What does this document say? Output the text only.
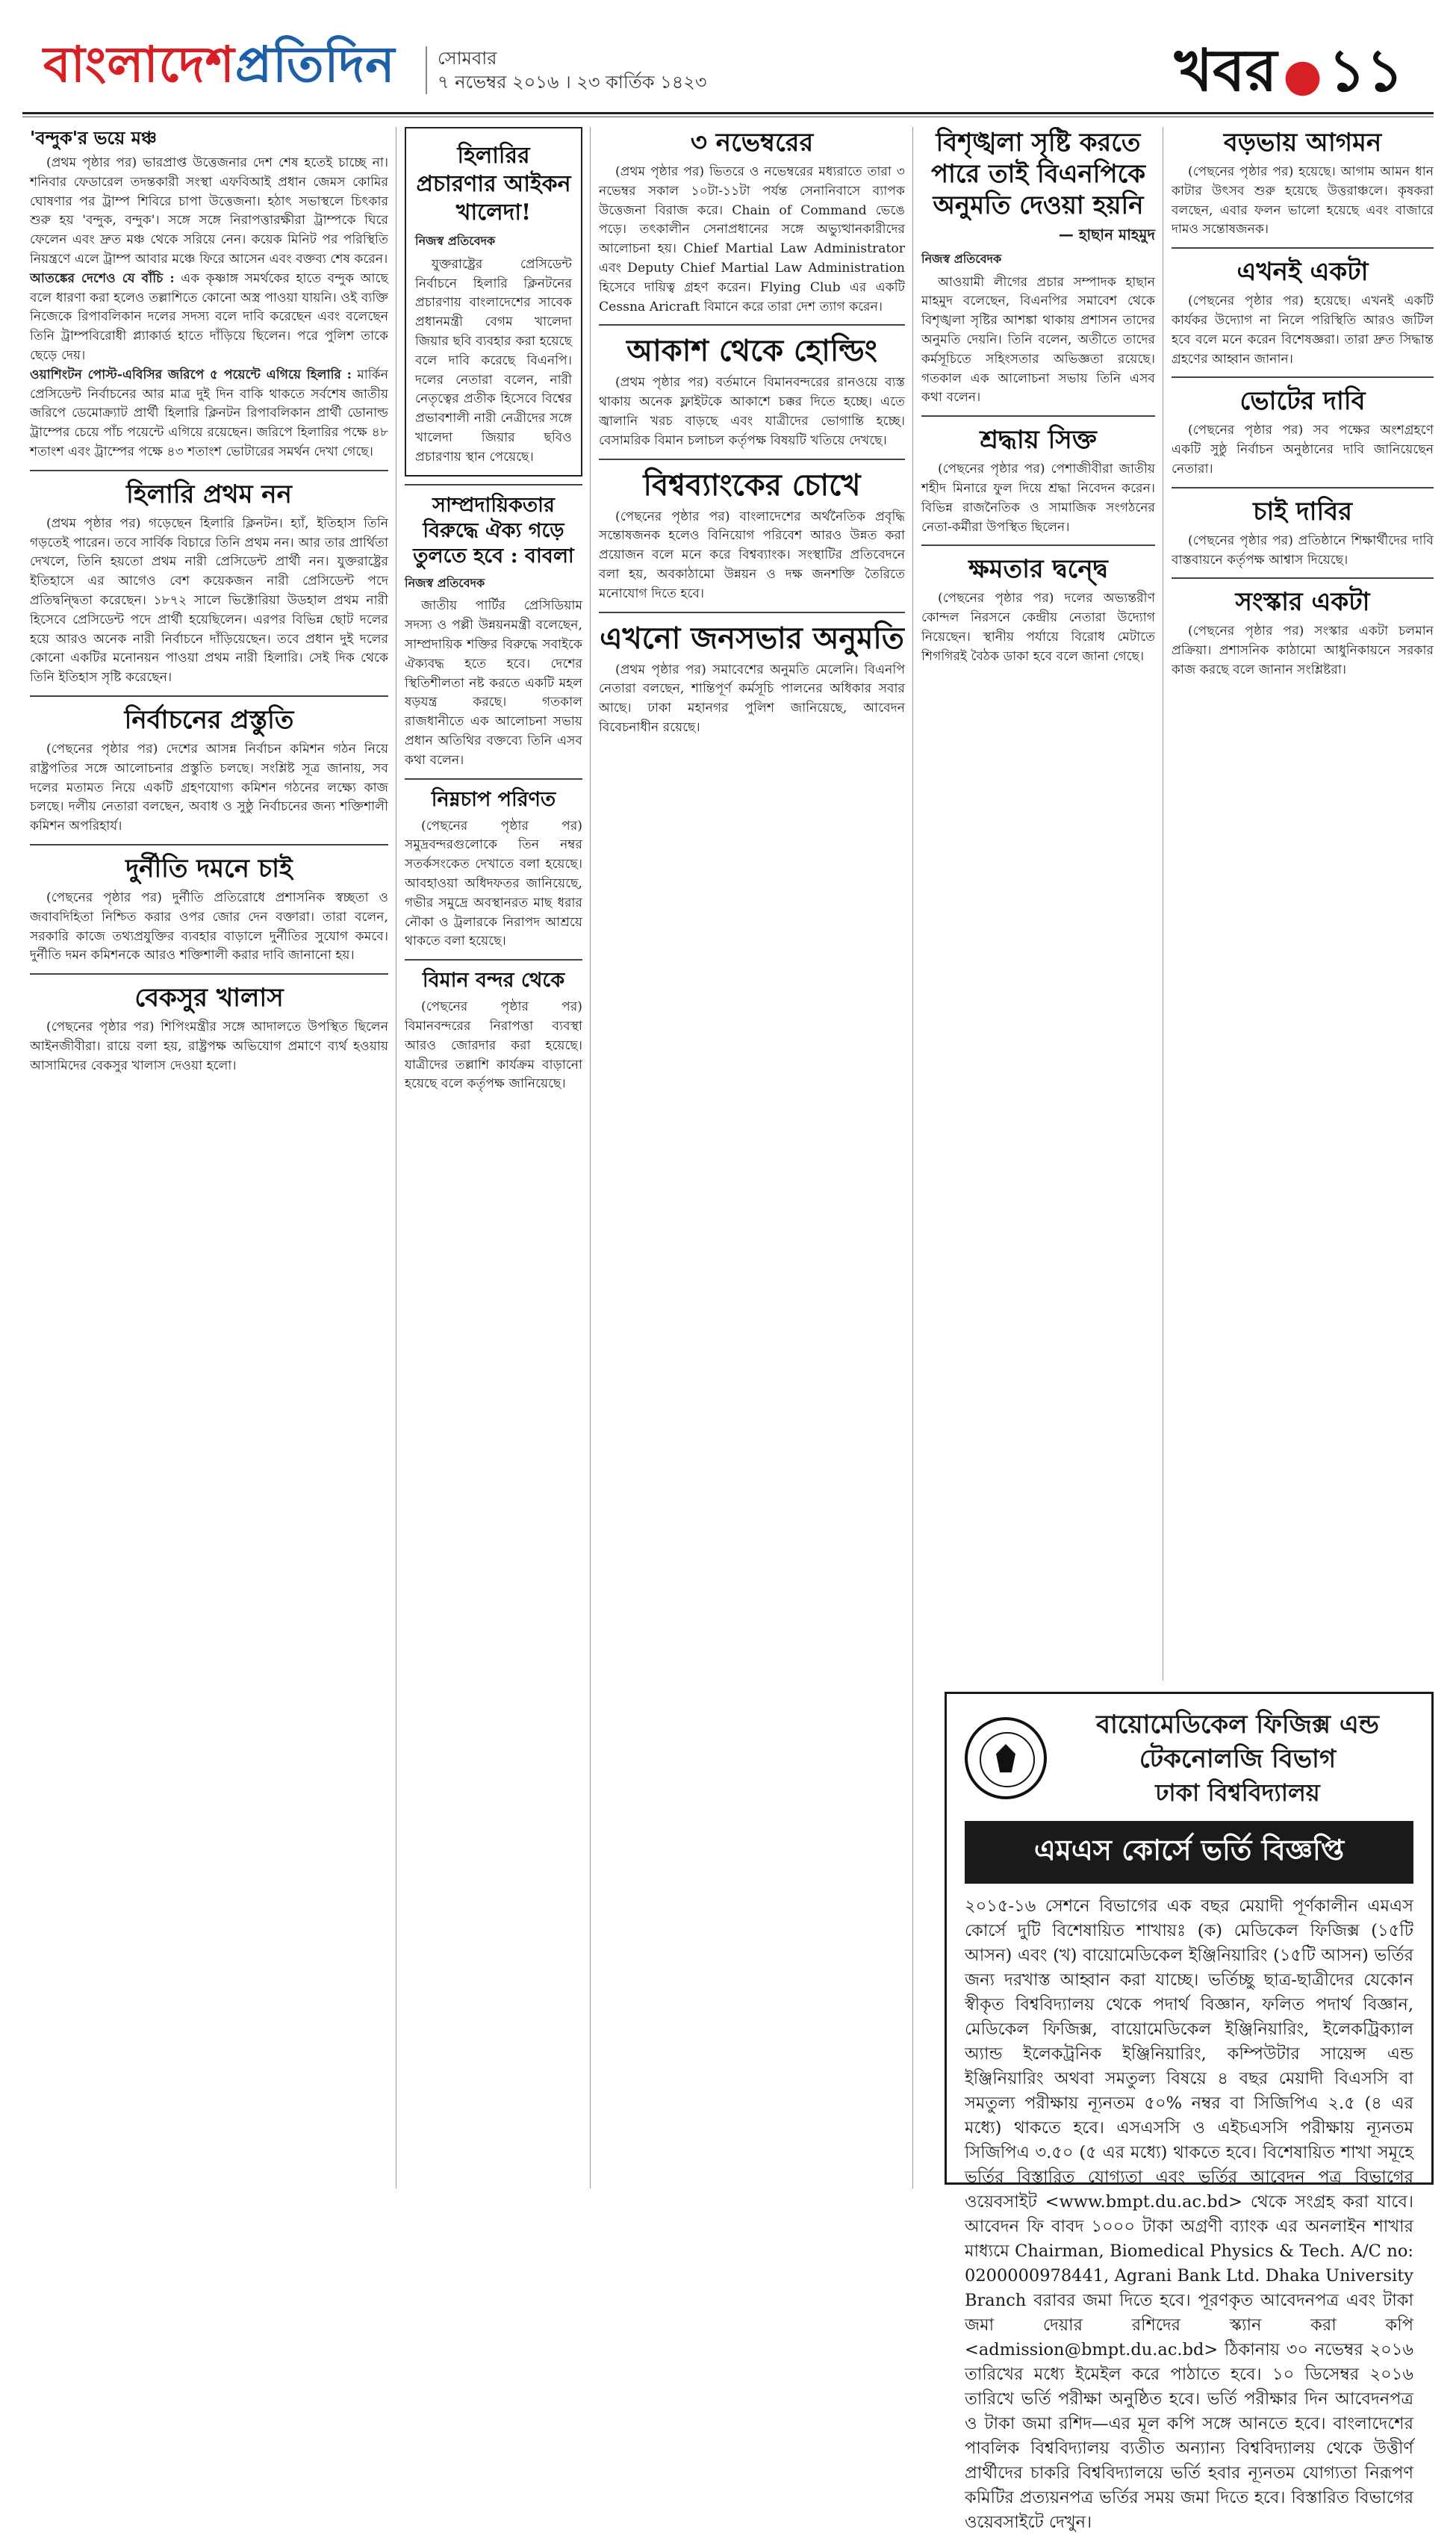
বাংলাদেশপ্রতিদিন সোমবার
৭ নভেম্বর ২০১৬ । ২৩ কার্তিক ১৪২৩	খবর ● ১১
'বন্দুক'র ভয়ে মঞ্চ

(প্রথম পৃষ্ঠার পর) ভারপ্রাপ্ত উত্তেজনার দেশ শেষ হতেই চাচ্ছে না। শনিবার ফেডারেল তদন্তকারী সংস্থা এফবিআই প্রধান জেমস কোমির ঘোষণার পর ট্রাম্প শিবিরে চাপা উত্তেজনা। হঠাৎ সভাস্থলে চিৎকার শুরু হয় 'বন্দুক, বন্দুক'। সঙ্গে সঙ্গে নিরাপত্তারক্ষীরা ট্রাম্পকে ঘিরে ফেলেন এবং দ্রুত মঞ্চ থেকে সরিয়ে নেন। কয়েক মিনিট পর পরিস্থিতি নিয়ন্ত্রণে এলে ট্রাম্প আবার মঞ্চে ফিরে আসেন এবং বক্তব্য শেষ করেন।

আতঙ্কের দেশেও যে বাঁচি : এক কৃষ্ণাঙ্গ সমর্থকের হাতে বন্দুক আছে বলে ধারণা করা হলেও তল্লাশিতে কোনো অস্ত্র পাওয়া যায়নি। ওই ব্যক্তি নিজেকে রিপাবলিকান দলের সদস্য বলে দাবি করেছেন এবং বলেছেন তিনি ট্রাম্পবিরোধী প্ল্যাকার্ড হাতে দাঁড়িয়ে ছিলেন। পরে পুলিশ তাকে ছেড়ে দেয়।

ওয়াশিংটন পোস্ট-এবিসির জরিপে ৫ পয়েন্টে এগিয়ে হিলারি : মার্কিন প্রেসিডেন্ট নির্বাচনের আর মাত্র দুই দিন বাকি থাকতে সর্বশেষ জাতীয় জরিপে ডেমোক্র্যাট প্রার্থী হিলারি ক্লিনটন রিপাবলিকান প্রার্থী ডোনাল্ড ট্রাম্পের চেয়ে পাঁচ পয়েন্টে এগিয়ে রয়েছেন। জরিপে হিলারির পক্ষে ৪৮ শতাংশ এবং ট্রাম্পের পক্ষে ৪৩ শতাংশ ভোটারের সমর্থন দেখা গেছে।

হিলারি প্রথম নন

(প্রথম পৃষ্ঠার পর) গড়েছেন হিলারি ক্লিনটন। হ্যাঁ, ইতিহাস তিনি গড়তেই পারেন। তবে সার্বিক বিচারে তিনি প্রথম নন। আর তার প্রার্থিতা দেখলে, তিনি হয়তো প্রথম নারী প্রেসিডেন্ট প্রার্থী নন। যুক্তরাষ্ট্রের ইতিহাসে এর আগেও বেশ কয়েকজন নারী প্রেসিডেন্ট পদে প্রতিদ্বন্দ্বিতা করেছেন। ১৮৭২ সালে ভিক্টোরিয়া উডহাল প্রথম নারী হিসেবে প্রেসিডেন্ট পদে প্রার্থী হয়েছিলেন। এরপর বিভিন্ন ছোট দলের হয়ে আরও অনেক নারী নির্বাচনে দাঁড়িয়েছেন। তবে প্রধান দুই দলের কোনো একটির মনোনয়ন পাওয়া প্রথম নারী হিলারি। সেই দিক থেকে তিনি ইতিহাস সৃষ্টি করেছেন।

নির্বাচনের প্রস্তুতি

(পেছনের পৃষ্ঠার পর) দেশের আসন্ন নির্বাচন কমিশন গঠন নিয়ে রাষ্ট্রপতির সঙ্গে আলোচনার প্রস্তুতি চলছে। সংশ্লিষ্ট সূত্র জানায়, সব দলের মতামত নিয়ে একটি গ্রহণযোগ্য কমিশন গঠনের লক্ষ্যে কাজ চলছে। দলীয় নেতারা বলছেন, অবাধ ও সুষ্ঠু নির্বাচনের জন্য শক্তিশালী কমিশন অপরিহার্য।

দুর্নীতি দমনে চাই

(পেছনের পৃষ্ঠার পর) দুর্নীতি প্রতিরোধে প্রশাসনিক স্বচ্ছতা ও জবাবদিহিতা নিশ্চিত করার ওপর জোর দেন বক্তারা। তারা বলেন, সরকারি কাজে তথ্যপ্রযুক্তির ব্যবহার বাড়ালে দুর্নীতির সুযোগ কমবে। দুর্নীতি দমন কমিশনকে আরও শক্তিশালী করার দাবি জানানো হয়।

বেকসুর খালাস

(পেছনের পৃষ্ঠার পর) শিপিংমন্ত্রীর সঙ্গে আদালতে উপস্থিত ছিলেন আইনজীবীরা। রায়ে বলা হয়, রাষ্ট্রপক্ষ অভিযোগ প্রমাণে ব্যর্থ হওয়ায় আসামিদের বেকসুর খালাস দেওয়া হলো।

হিলারির প্রচারণার আইকন খালেদা!
নিজস্ব প্রতিবেদক

যুক্তরাষ্ট্রের প্রেসিডেন্ট নির্বাচনে হিলারি ক্লিনটনের প্রচারণায় বাংলাদেশের সাবেক প্রধানমন্ত্রী বেগম খালেদা জিয়ার ছবি ব্যবহার করা হয়েছে বলে দাবি করেছে বিএনপি। দলের নেতারা বলেন, নারী নেতৃত্বের প্রতীক হিসেবে বিশ্বের প্রভাবশালী নারী নেত্রীদের সঙ্গে খালেদা জিয়ার ছবিও প্রচারণায় স্থান পেয়েছে।

সাম্প্রদায়িকতার বিরুদ্ধে ঐক্য গড়ে তুলতে হবে : বাবলা
নিজস্ব প্রতিবেদক

জাতীয় পার্টির প্রেসিডিয়াম সদস্য ও পল্লী উন্নয়নমন্ত্রী বলেছেন, সাম্প্রদায়িক শক্তির বিরুদ্ধে সবাইকে ঐক্যবদ্ধ হতে হবে। দেশের স্থিতিশীলতা নষ্ট করতে একটি মহল ষড়যন্ত্র করছে। গতকাল রাজধানীতে এক আলোচনা সভায় প্রধান অতিথির বক্তব্যে তিনি এসব কথা বলেন।

নিম্নচাপ পরিণত

(পেছনের পৃষ্ঠার পর) সমুদ্রবন্দরগুলোকে তিন নম্বর সতর্কসংকেত দেখাতে বলা হয়েছে। আবহাওয়া অধিদফতর জানিয়েছে, গভীর সমুদ্রে অবস্থানরত মাছ ধরার নৌকা ও ট্রলারকে নিরাপদ আশ্রয়ে থাকতে বলা হয়েছে।

বিমান বন্দর থেকে

(পেছনের পৃষ্ঠার পর) বিমানবন্দরের নিরাপত্তা ব্যবস্থা আরও জোরদার করা হয়েছে। যাত্রীদের তল্লাশি কার্যক্রম বাড়ানো হয়েছে বলে কর্তৃপক্ষ জানিয়েছে।

৩ নভেম্বরের

(প্রথম পৃষ্ঠার পর) ভিতরে ও নভেম্বরের মধ্যরাতে তারা ৩ নভেম্বর সকাল ১০টা-১১টা পর্যন্ত সেনানিবাসে ব্যাপক উত্তেজনা বিরাজ করে। Chain of Command ভেঙে পড়ে। তৎকালীন সেনাপ্রধানের সঙ্গে অভ্যুত্থানকারীদের আলোচনা হয়। Chief Martial Law Administrator এবং Deputy Chief Martial Law Administration হিসেবে দায়িত্ব গ্রহণ করেন। Flying Club এর একটি Cessna Aricraft বিমানে করে তারা দেশ ত্যাগ করেন।

আকাশ থেকে হোল্ডিং

(প্রথম পৃষ্ঠার পর) বর্তমানে বিমানবন্দরের রানওয়ে ব্যস্ত থাকায় অনেক ফ্লাইটকে আকাশে চক্কর দিতে হচ্ছে। এতে জ্বালানি খরচ বাড়ছে এবং যাত্রীদের ভোগান্তি হচ্ছে। বেসামরিক বিমান চলাচল কর্তৃপক্ষ বিষয়টি খতিয়ে দেখছে।

বিশ্বব্যাংকের চোখে

(পেছনের পৃষ্ঠার পর) বাংলাদেশের অর্থনৈতিক প্রবৃদ্ধি সন্তোষজনক হলেও বিনিয়োগ পরিবেশ আরও উন্নত করা প্রয়োজন বলে মনে করে বিশ্বব্যাংক। সংস্থাটির প্রতিবেদনে বলা হয়, অবকাঠামো উন্নয়ন ও দক্ষ জনশক্তি তৈরিতে মনোযোগ দিতে হবে।

এখনো জনসভার অনুমতি

(প্রথম পৃষ্ঠার পর) সমাবেশের অনুমতি মেলেনি। বিএনপি নেতারা বলছেন, শান্তিপূর্ণ কর্মসূচি পালনের অধিকার সবার আছে। ঢাকা মহানগর পুলিশ জানিয়েছে, আবেদন বিবেচনাধীন রয়েছে।

বিশৃঙ্খলা সৃষ্টি করতে পারে তাই বিএনপিকে অনুমতি দেওয়া হয়নি
— হাছান মাহমুদ
নিজস্ব প্রতিবেদক

আওয়ামী লীগের প্রচার সম্পাদক হাছান মাহমুদ বলেছেন, বিএনপির সমাবেশ থেকে বিশৃঙ্খলা সৃষ্টির আশঙ্কা থাকায় প্রশাসন তাদের অনুমতি দেয়নি। তিনি বলেন, অতীতে তাদের কর্মসূচিতে সহিংসতার অভিজ্ঞতা রয়েছে। গতকাল এক আলোচনা সভায় তিনি এসব কথা বলেন।

শ্রদ্ধায় সিক্ত

(পেছনের পৃষ্ঠার পর) পেশাজীবীরা জাতীয় শহীদ মিনারে ফুল দিয়ে শ্রদ্ধা নিবেদন করেন। বিভিন্ন রাজনৈতিক ও সামাজিক সংগঠনের নেতা-কর্মীরা উপস্থিত ছিলেন।

ক্ষমতার দ্বন্দ্বে

(পেছনের পৃষ্ঠার পর) দলের অভ্যন্তরীণ কোন্দল নিরসনে কেন্দ্রীয় নেতারা উদ্যোগ নিয়েছেন। স্থানীয় পর্যায়ে বিরোধ মেটাতে শিগগিরই বৈঠক ডাকা হবে বলে জানা গেছে।

বড়ভায় আগমন

(পেছনের পৃষ্ঠার পর) হয়েছে। আগাম আমন ধান কাটার উৎসব শুরু হয়েছে উত্তরাঞ্চলে। কৃষকরা বলছেন, এবার ফলন ভালো হয়েছে এবং বাজারে দামও সন্তোষজনক।

এখনই একটা

(পেছনের পৃষ্ঠার পর) হয়েছে। এখনই একটি কার্যকর উদ্যোগ না নিলে পরিস্থিতি আরও জটিল হবে বলে মনে করেন বিশেষজ্ঞরা। তারা দ্রুত সিদ্ধান্ত গ্রহণের আহ্বান জানান।

ভোটের দাবি

(পেছনের পৃষ্ঠার পর) সব পক্ষের অংশগ্রহণে একটি সুষ্ঠু নির্বাচন অনুষ্ঠানের দাবি জানিয়েছেন নেতারা।

চাই দাবির

(পেছনের পৃষ্ঠার পর) প্রতিষ্ঠানে শিক্ষার্থীদের দাবি বাস্তবায়নে কর্তৃপক্ষ আশ্বাস দিয়েছে।

সংস্কার একটা

(পেছনের পৃষ্ঠার পর) সংস্কার একটা চলমান প্রক্রিয়া। প্রশাসনিক কাঠামো আধুনিকায়নে সরকার কাজ করছে বলে জানান সংশ্লিষ্টরা।

বায়োমেডিকেল ফিজিক্স এন্ড টেকনোলজি বিভাগ
ঢাকা বিশ্ববিদ্যালয়
এমএস কোর্সে ভর্তি বিজ্ঞপ্তি
২০১৫-১৬ সেশনে বিভাগের এক বছর মেয়াদী পূর্ণকালীন এমএস কোর্সে দুটি বিশেষায়িত শাখায়ঃ (ক) মেডিকেল ফিজিক্স (১৫টি আসন) এবং (খ) বায়োমেডিকেল ইঞ্জিনিয়ারিং (১৫টি আসন) ভর্তির জন্য দরখাস্ত আহ্বান করা যাচ্ছে। ভর্তিচ্ছু ছাত্র-ছাত্রীদের যেকোন স্বীকৃত বিশ্ববিদ্যালয় থেকে পদার্থ বিজ্ঞান, ফলিত পদার্থ বিজ্ঞান, মেডিকেল ফিজিক্স, বায়োমেডিকেল ইঞ্জিনিয়ারিং, ইলেকট্রিক্যাল অ্যান্ড ইলেকট্রনিক ইঞ্জিনিয়ারিং, কম্পিউটার সায়েন্স এন্ড ইঞ্জিনিয়ারিং অথবা সমতুল্য বিষয়ে ৪ বছর মেয়াদী বিএসসি বা সমতুল্য পরীক্ষায় ন্যূনতম ৫০% নম্বর বা সিজিপিএ ২.৫ (৪ এর মধ্যে) থাকতে হবে। এসএসসি ও এইচএসসি পরীক্ষায় ন্যূনতম সিজিপিএ ৩.৫০ (৫ এর মধ্যে) থাকতে হবে। বিশেষায়িত শাখা সমূহে ভর্তির বিস্তারিত যোগ্যতা এবং ভর্তির আবেদন পত্র বিভাগের ওয়েবসাইট <www.bmpt.du.ac.bd> থেকে সংগ্রহ করা যাবে। আবেদন ফি বাবদ ১০০০ টাকা অগ্রণী ব্যাংক এর অনলাইন শাখার মাধ্যমে Chairman, Biomedical Physics & Tech. A/C no: 0200000978441, Agrani Bank Ltd. Dhaka University Branch বরাবর জমা দিতে হবে। পূরণকৃত আবেদনপত্র এবং টাকা জমা দেয়ার রশিদের স্ক্যান করা কপি <admission@bmpt.du.ac.bd> ঠিকানায় ৩০ নভেম্বর ২০১৬ তারিখের মধ্যে ইমেইল করে পাঠাতে হবে। ১০ ডিসেম্বর ২০১৬ তারিখে ভর্তি পরীক্ষা অনুষ্ঠিত হবে। ভর্তি পরীক্ষার দিন আবেদনপত্র ও টাকা জমা রশিদ—এর মূল কপি সঙ্গে আনতে হবে। বাংলাদেশের পাবলিক বিশ্ববিদ্যালয় ব্যতীত অন্যান্য বিশ্ববিদ্যালয় থেকে উত্তীর্ণ প্রার্থীদের চাকরি বিশ্ববিদ্যালয়ে ভর্তি হবার ন্যূনতম যোগ্যতা নিরূপণ কমিটির প্রত্যয়নপত্র ভর্তির সময় জমা দিতে হবে। বিস্তারিত বিভাগের ওয়েবসাইটে দেখুন।
